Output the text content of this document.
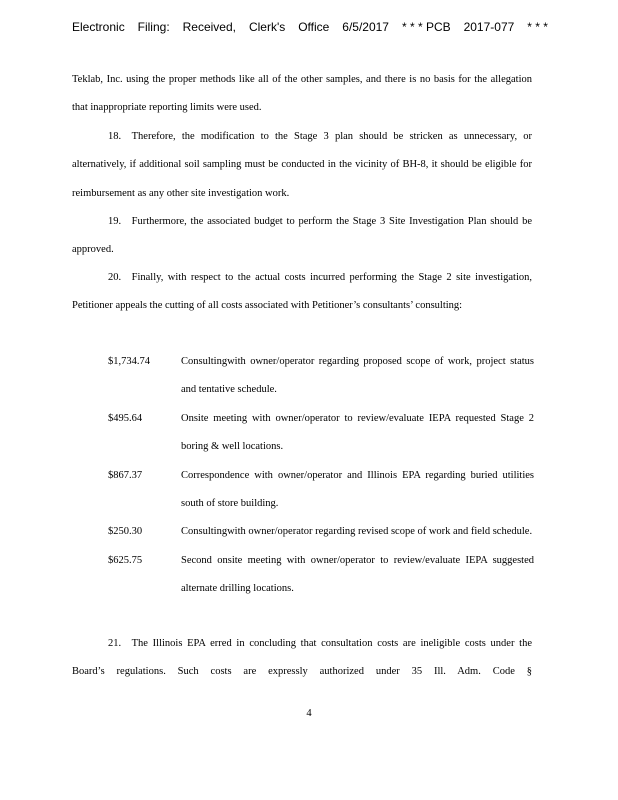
Electronic Filing: Received, Clerk's Office 6/5/2017 * * * PCB 2017-077 * * *
Teklab, Inc. using the proper methods like all of the other samples, and there is no basis for the allegation that inappropriate reporting limits were used.
18. Therefore, the modification to the Stage 3 plan should be stricken as unnecessary, or alternatively, if additional soil sampling must be conducted in the vicinity of BH-8, it should be eligible for reimbursement as any other site investigation work.
19. Furthermore, the associated budget to perform the Stage 3 Site Investigation Plan should be approved.
20. Finally, with respect to the actual costs incurred performing the Stage 2 site investigation, Petitioner appeals the cutting of all costs associated with Petitioner’s consultants’ consulting:
$1,734.74	Consultingwith owner/operator regarding proposed scope of work, project status and tentative schedule.
$495.64	Onsite meeting with owner/operator to review/evaluate IEPA requested Stage 2 boring & well locations.
$867.37	Correspondence with owner/operator and Illinois EPA regarding buried utilities south of store building.
$250.30	Consultingwith owner/operator regarding revised scope of work and field schedule.
$625.75	Second onsite meeting with owner/operator to review/evaluate IEPA suggested alternate drilling locations.
21. The Illinois EPA erred in concluding that consultation costs are ineligible costs under the Board’s regulations. Such costs are expressly authorized under 35 Ill. Adm. Code §
4
